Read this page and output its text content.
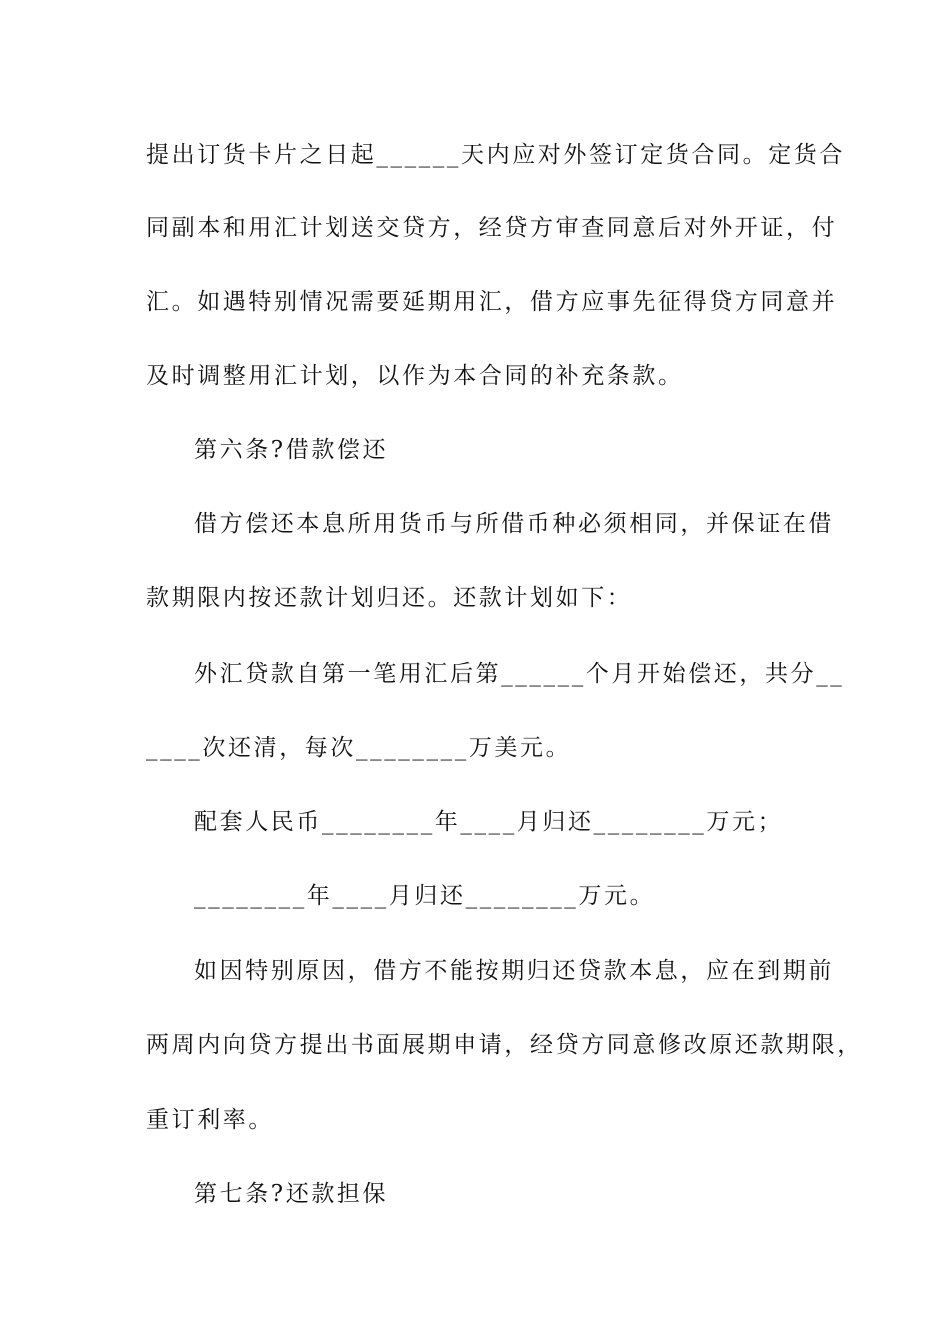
提出订货卡片之日起______天内应对外签订定货合同。定货合
同副本和用汇计划送交贷方，经贷方审查同意后对外开证，付
汇。如遇特别情况需要延期用汇，借方应事先征得贷方同意并
及时调整用汇计划，以作为本合同的补充条款。
第六条?借款偿还
借方偿还本息所用货币与所借币种必须相同，并保证在借
款期限内按还款计划归还。还款计划如下：
外汇贷款自第一笔用汇后第______个月开始偿还，共分__
____次还清，每次________万美元。
配套人民币________年____月归还________万元；
________年____月归还________万元。
如因特别原因，借方不能按期归还贷款本息，应在到期前
两周内向贷方提出书面展期申请，经贷方同意修改原还款期限，
重订利率。
第七条?还款担保
